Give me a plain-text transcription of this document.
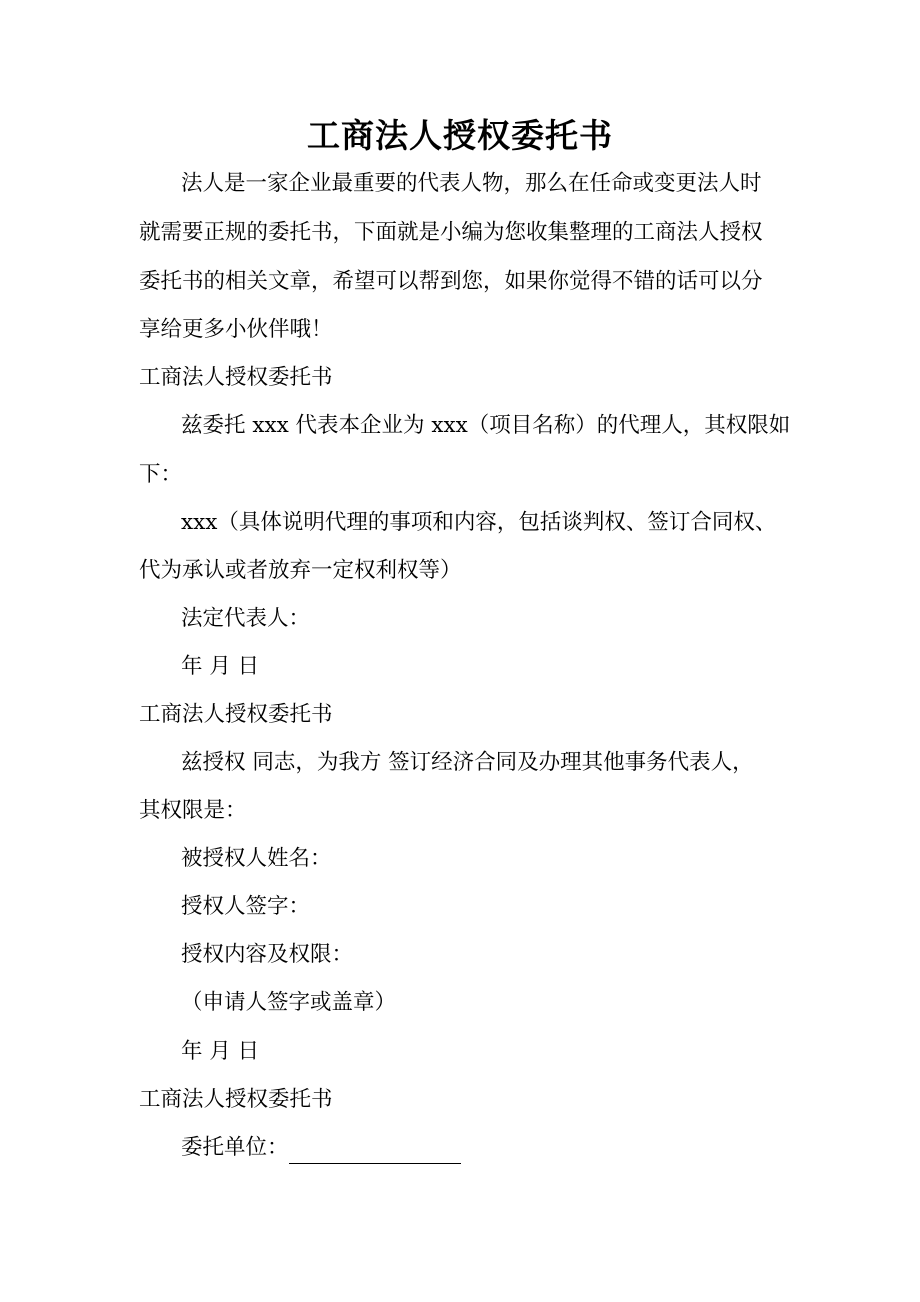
工商法人授权委托书
法人是一家企业最重要的代表人物，那么在任命或变更法人时
就需要正规的委托书，下面就是小编为您收集整理的工商法人授权
委托书的相关文章，希望可以帮到您，如果你觉得不错的话可以分
享给更多小伙伴哦！
工商法人授权委托书
兹委托 xxx 代表本企业为 xxx（项目名称）的代理人，其权限如
下：
xxx（具体说明代理的事项和内容，包括谈判权、签订合同权、
代为承认或者放弃一定权利权等）
法定代表人：
年 月 日
工商法人授权委托书
兹授权 同志，为我方 签订经济合同及办理其他事务代表人，
其权限是：
被授权人姓名：
授权人签字：
授权内容及权限：
（申请人签字或盖章）
年 月 日
工商法人授权委托书
委托单位：
